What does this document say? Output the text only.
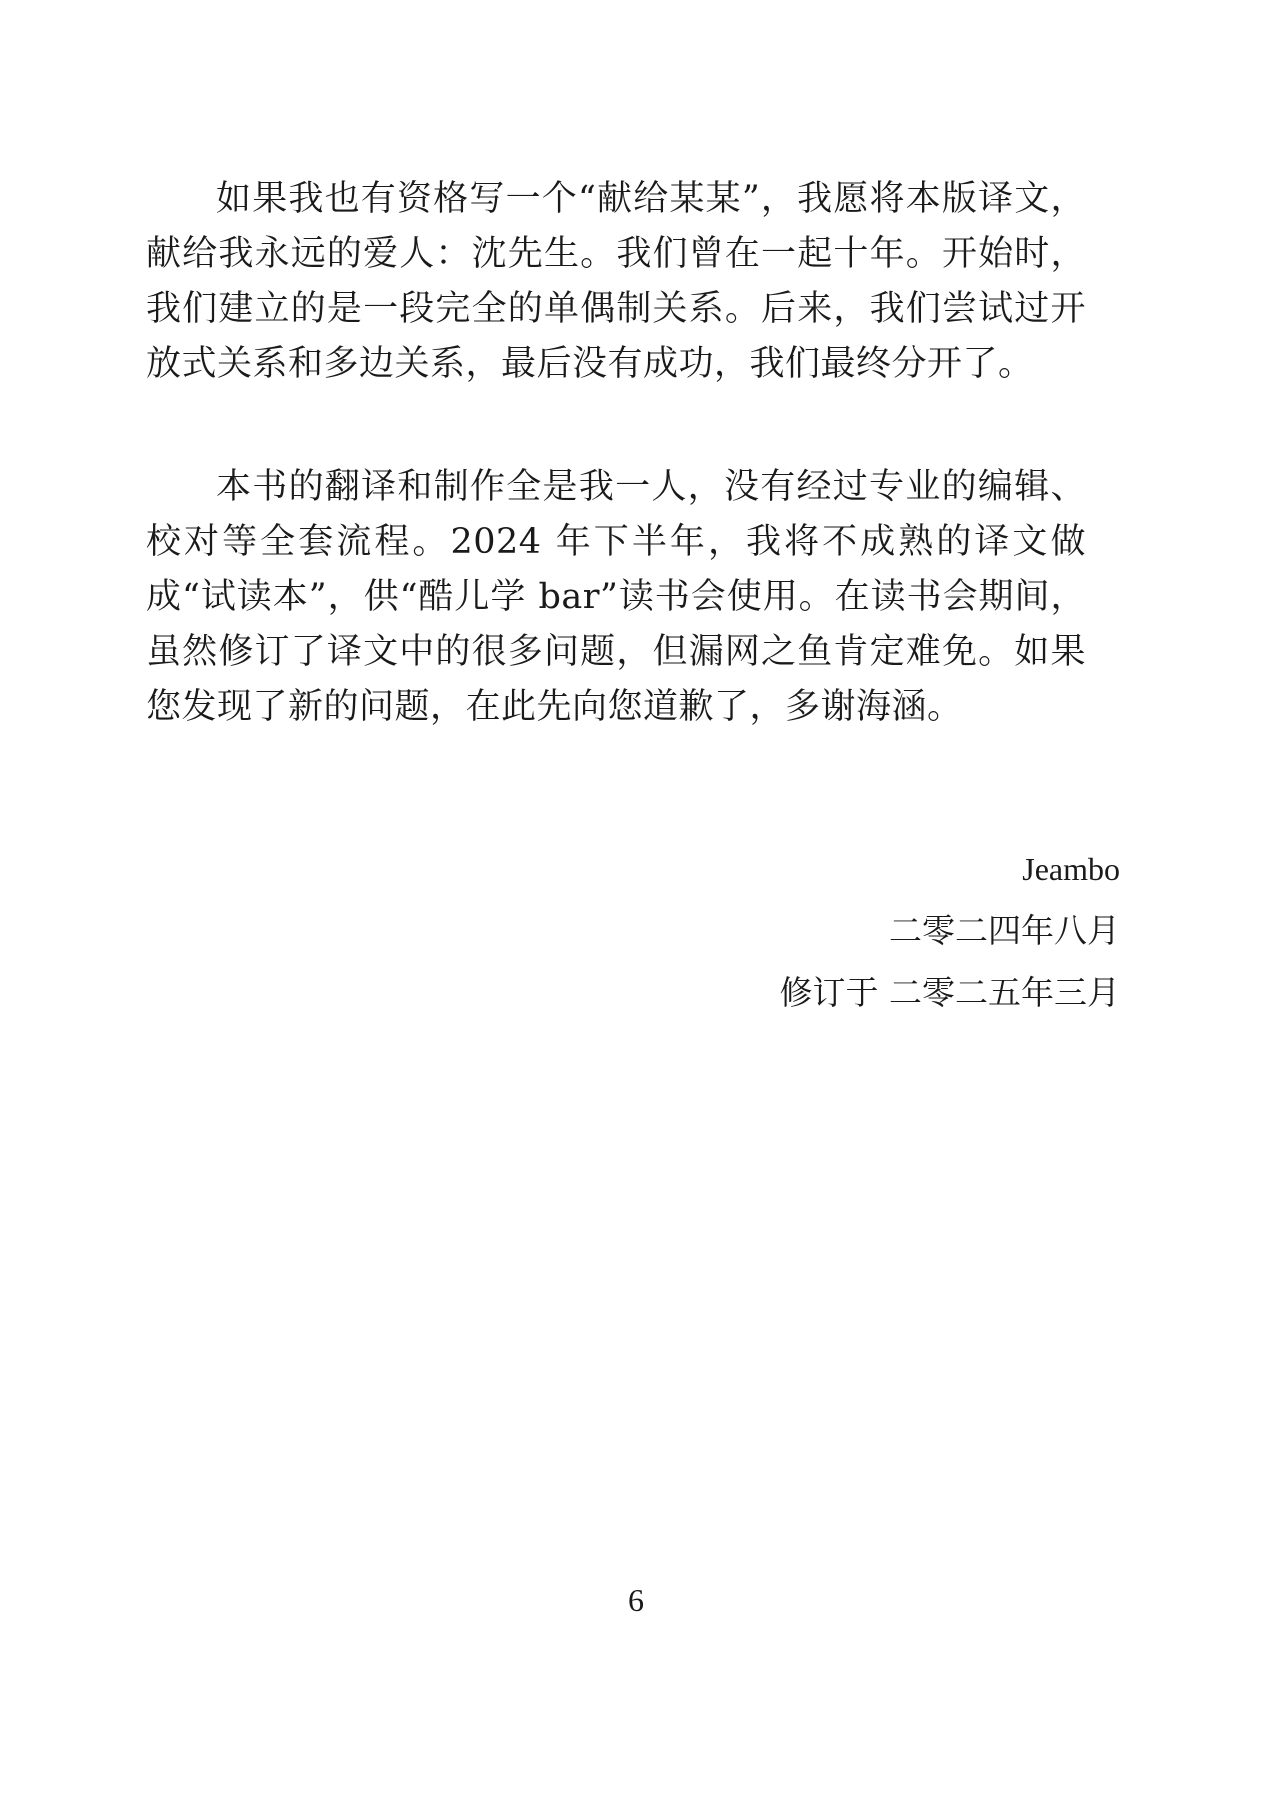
如果我也有资格写一个“献给某某”，我愿将本版译文，献给我永远的爱人：沈先生。我们曾在一起十年。开始时，我们建立的是一段完全的单偶制关系。后来，我们尝试过开放式关系和多边关系，最后没有成功，我们最终分开了。

本书的翻译和制作全是我一人，没有经过专业的编辑、校对等全套流程。2024 年下半年，我将不成熟的译文做成“试读本”，供“酷儿学 bar”读书会使用。在读书会期间，虽然修订了译文中的很多问题，但漏网之鱼肯定难免。如果您发现了新的问题，在此先向您道歉了，多谢海涵。

Jeambo
二零二四年八月
修订于 二零二五年三月
6
